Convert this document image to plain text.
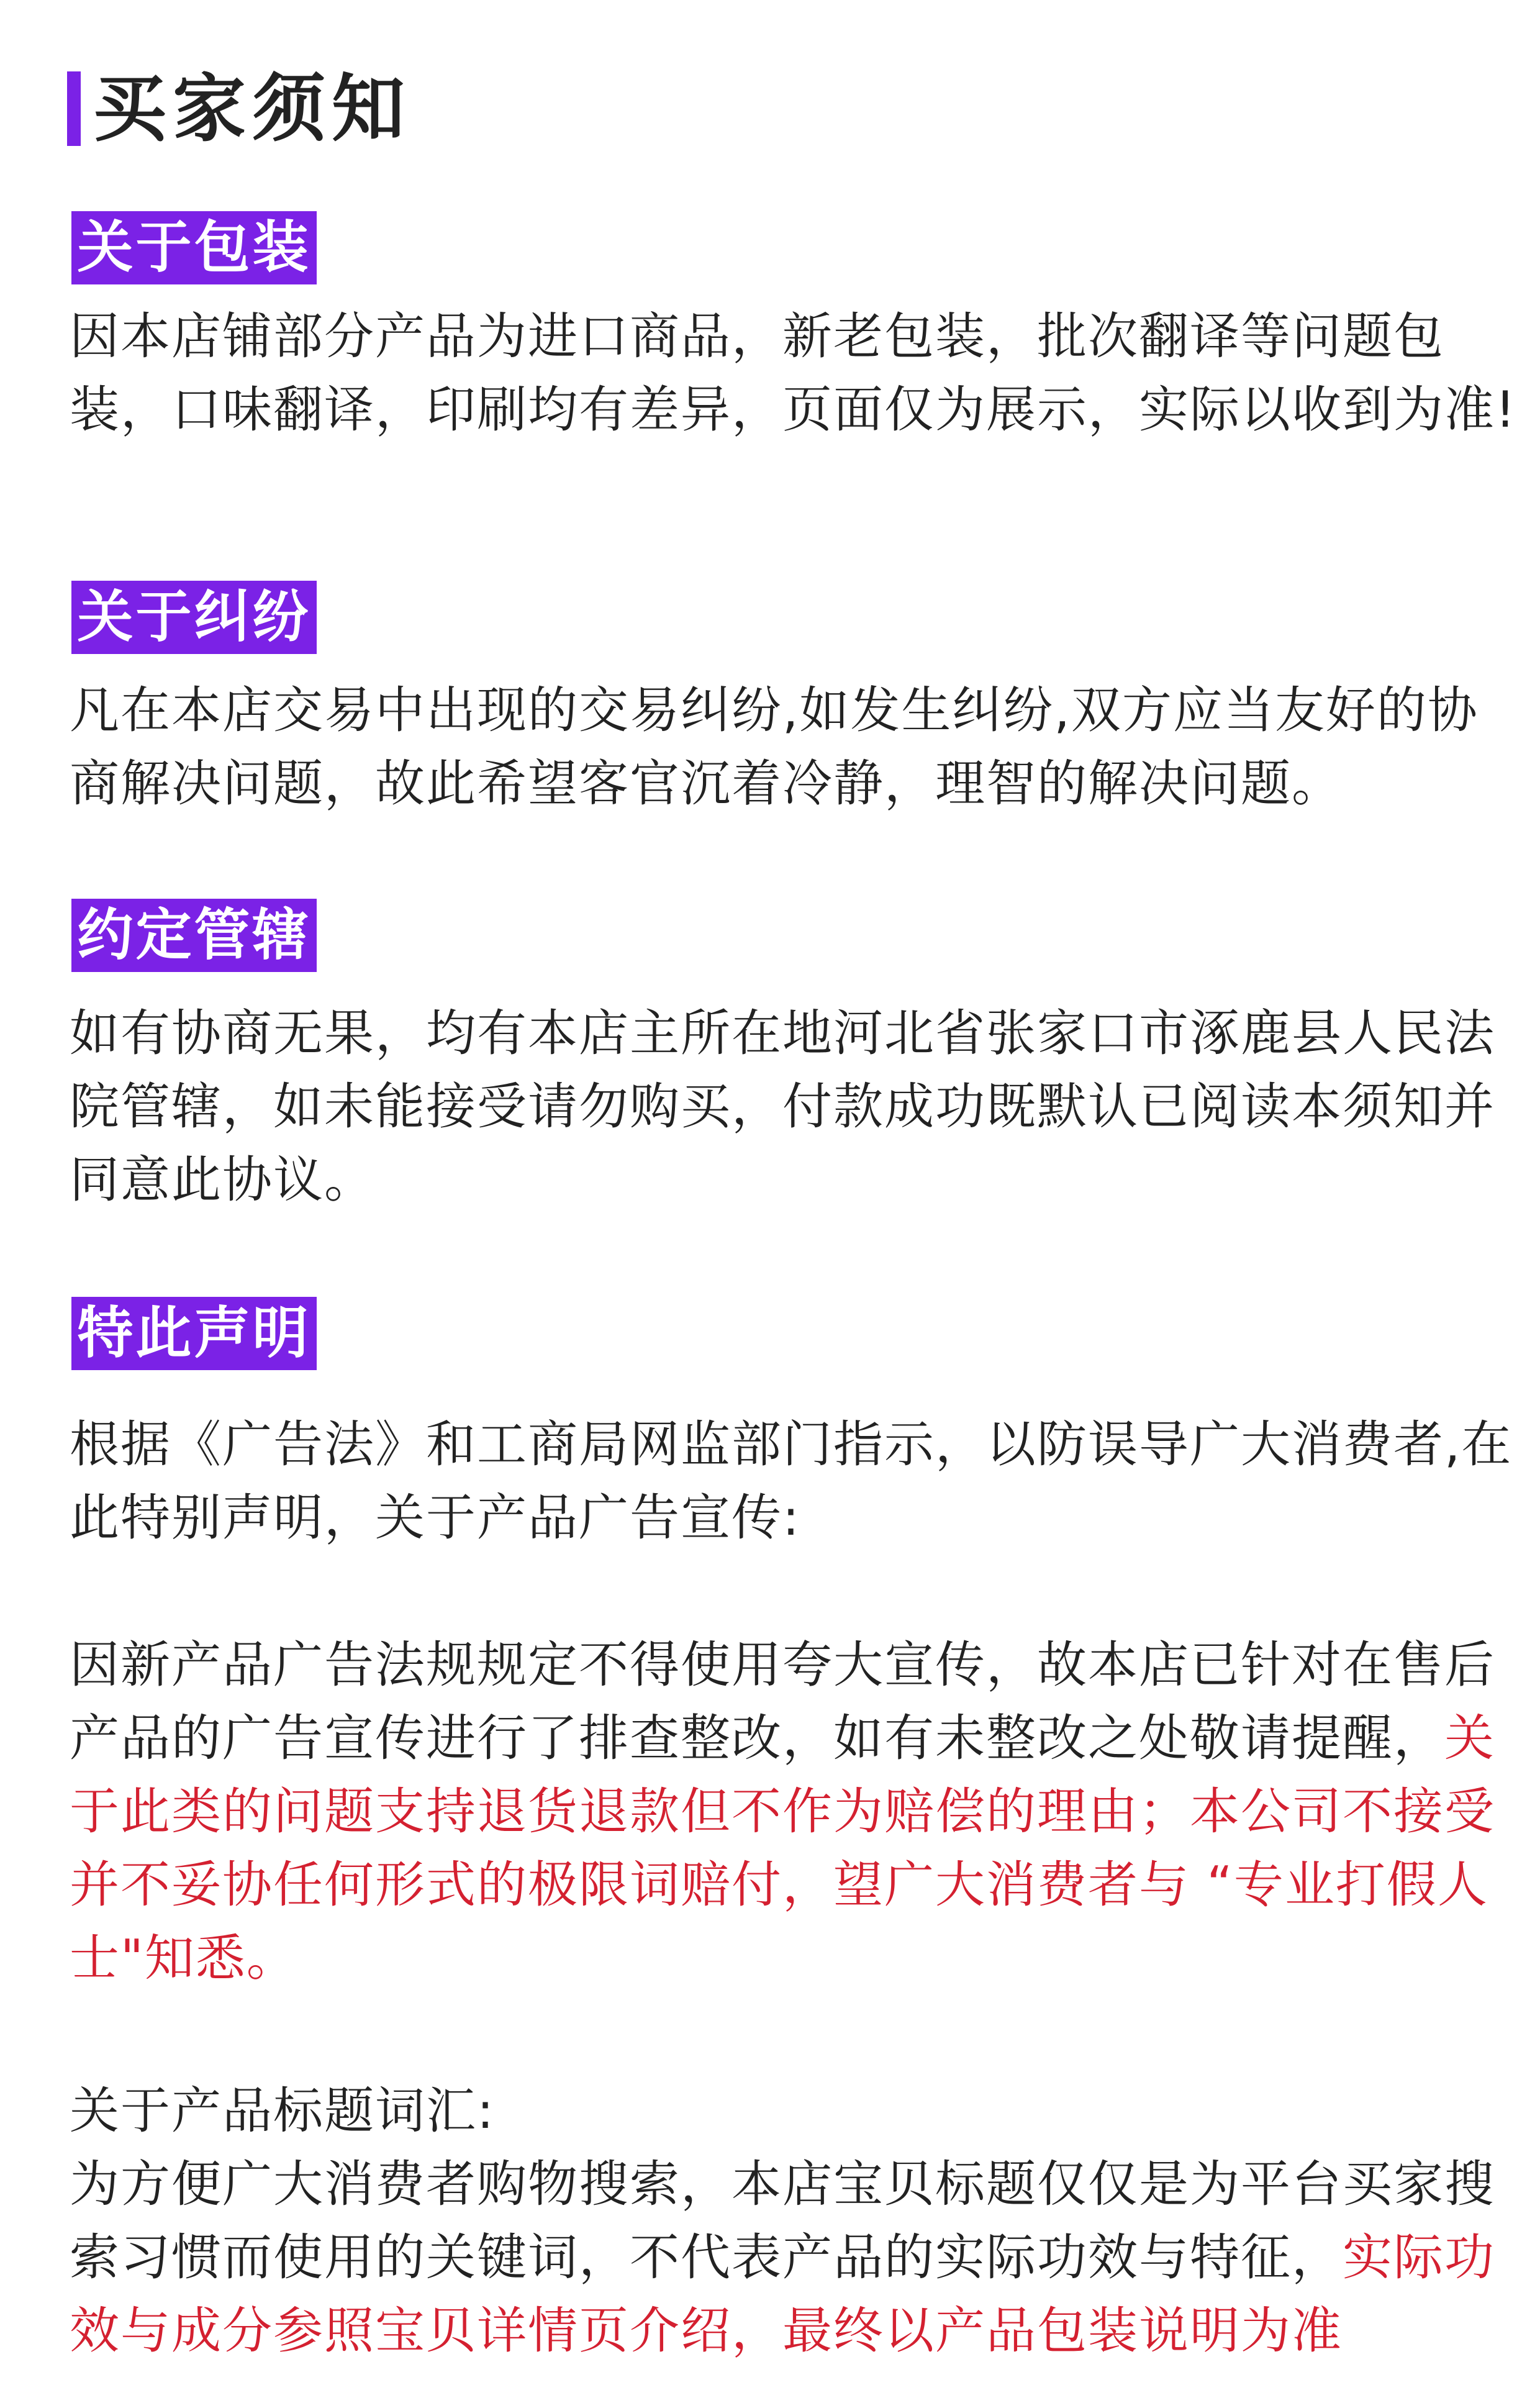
买家须知
关于包装
因本店铺部分产品为进口商品，新老包装，批次翻译等问题包装，口味翻译，印刷均有差异，页面仅为展示，实际以收到为准!
关于纠纷
凡在本店交易中出现的交易纠纷,如发生纠纷,双方应当友好的协商解决问题，故此希望客官沉着冷静，理智的解决问题。
约定管辖
如有协商无果，均有本店主所在地河北省张家口市涿鹿县人民法院管辖，如未能接受请勿购买，付款成功既默认已阅读本须知并同意此协议。
特此声明
根据《广告法》和工商局网监部门指示，以防误导广大消费者,在此特别声明，关于产品广告宣传:
因新产品广告法规规定不得使用夸大宣传，故本店已针对在售后产品的广告宣传进行了排查整改，如有未整改之处敬请提醒，关于此类的问题支持退货退款但不作为赔偿的理由；本公司不接受并不妥协任何形式的极限词赔付，望广大消费者与 “专业打假人士"知悉。
关于产品标题词汇:
为方便广大消费者购物搜索，本店宝贝标题仅仅是为平台买家搜索习惯而使用的关键词，不代表产品的实际功效与特征，实际功效与成分参照宝贝详情页介绍，最终以产品包装说明为准
